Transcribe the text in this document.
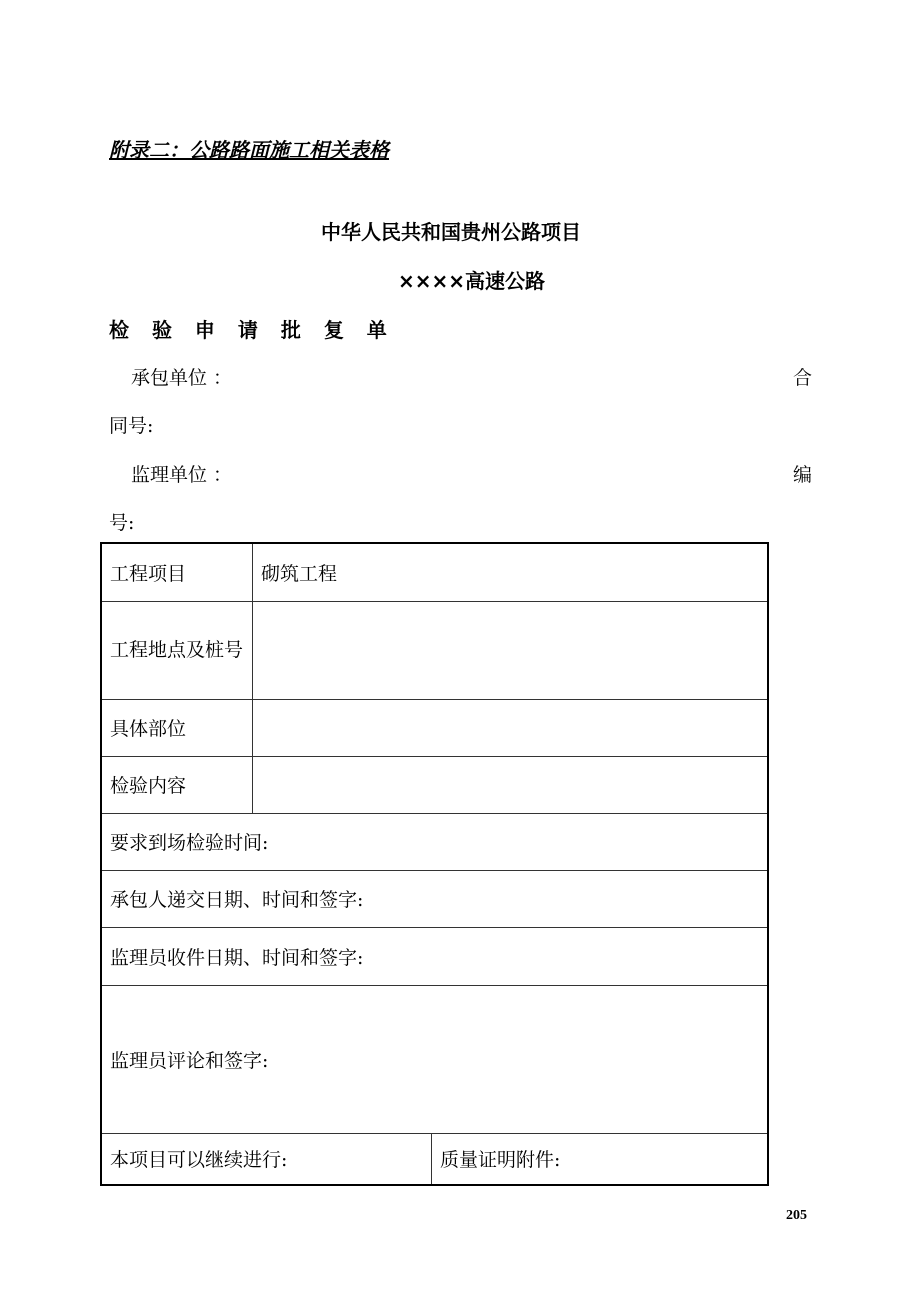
附录二：公路路面施工相关表格
中华人民共和国贵州公路项目
××××高速公路
检 验 申 请 批 复 单
承包单位 ：	合
同号:
监理单位 ：	编
号:
工程项目	砌筑工程

工程地点及桩号	

具体部位	
检验内容	
要求到场检验时间:	
承包人递交日期、时间和签字:	
监理员收件日期、时间和签字:	
监理员评论和签字:	

本项目可以继续进行: 质量证明附件:	
205
